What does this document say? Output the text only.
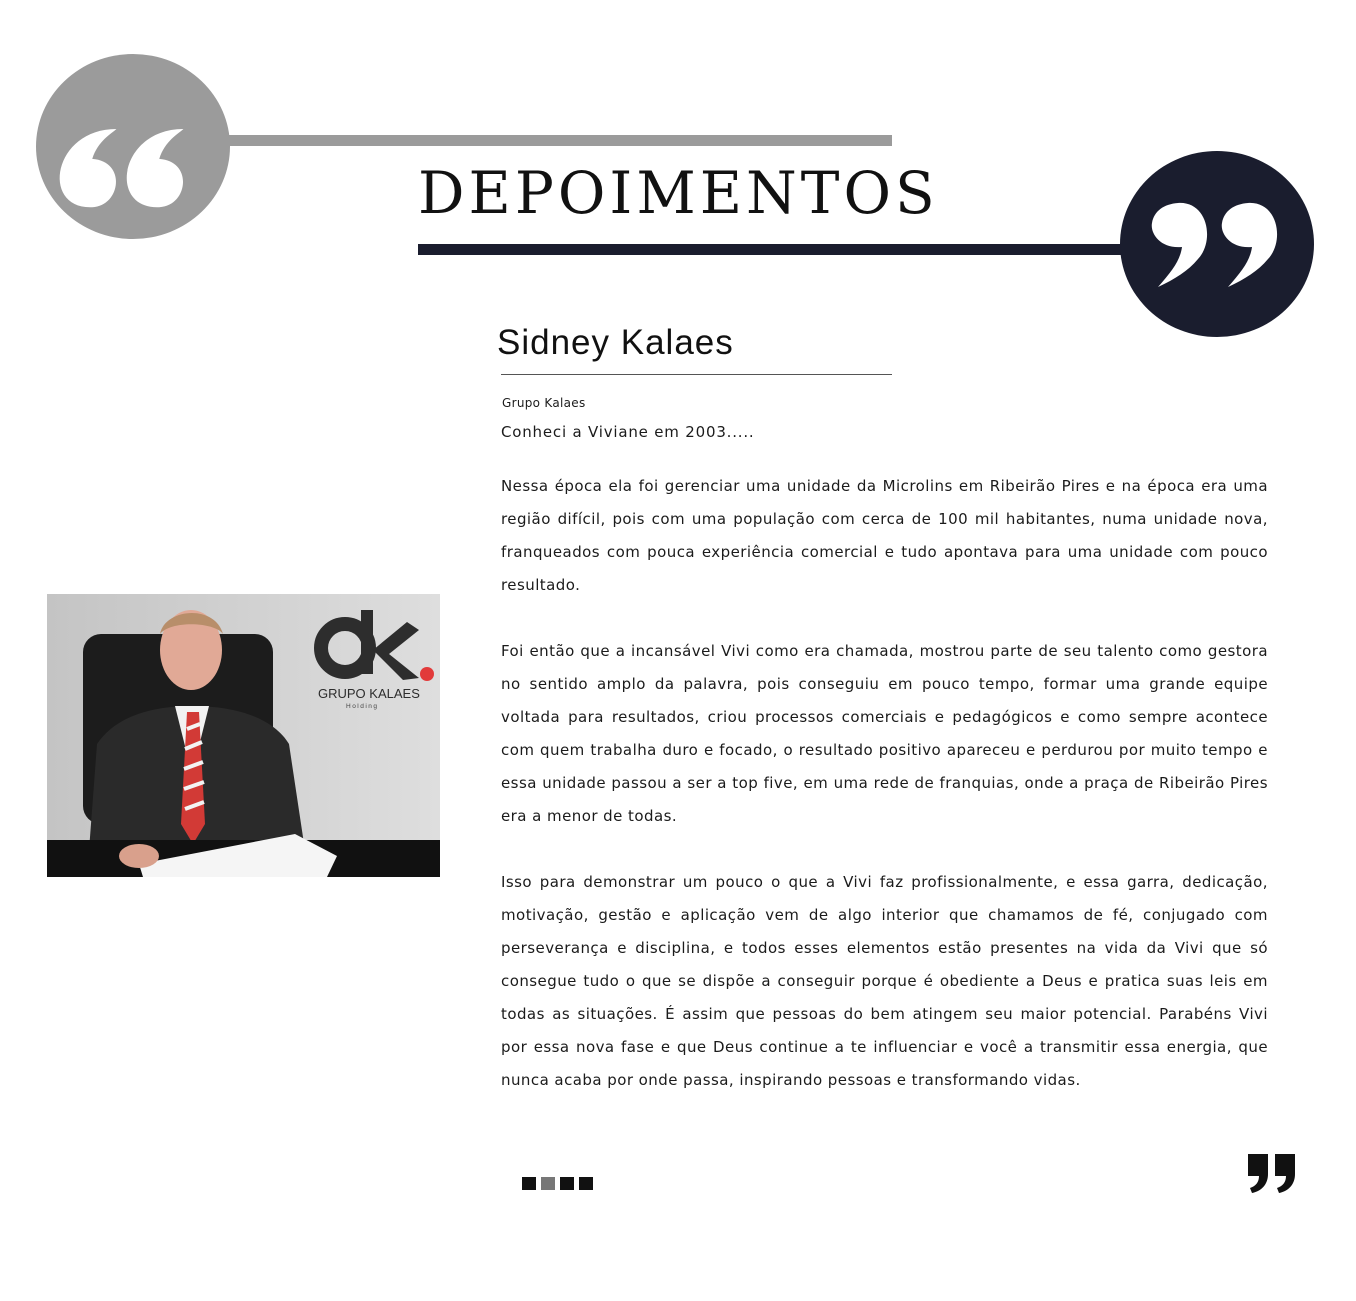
DEPOIMENTOS
GRUPO KALAES
Holding
Sidney Kalaes
Grupo Kalaes
Conheci a Viviane em 2003.....

Nessa época ela foi gerenciar uma unidade da Microlins em Ribeirão Pires e na época era uma região difícil, pois com uma população com cerca de 100 mil habitantes, numa unidade nova, franqueados com pouca experiência comercial e tudo apontava para uma unidade com pouco resultado.

Foi então que a incansável Vivi como era chamada, mostrou parte de seu talento como gestora no sentido amplo da palavra, pois conseguiu em pouco tempo, formar uma grande equipe voltada para resultados, criou processos comerciais e pedagógicos e como sempre acontece com quem trabalha duro e focado, o resultado positivo apareceu e perdurou por muito tempo e essa unidade passou a ser a top five, em uma rede de franquias, onde a praça de Ribeirão Pires era a menor de todas.

Isso para demonstrar um pouco o que a Vivi faz profissionalmente, e essa garra, dedicação, motivação, gestão e aplicação vem de algo interior que chamamos de fé, conjugado com perseverança e disciplina, e todos esses elementos estão presentes na vida da Vivi que só consegue tudo o que se dispõe a conseguir porque é obediente a Deus e pratica suas leis em todas as situações. É assim que pessoas do bem atingem seu maior potencial. Parabéns Vivi por essa nova fase e que Deus continue a te influenciar e você a transmitir essa energia, que nunca acaba por onde passa, inspirando pessoas e transformando vidas.
